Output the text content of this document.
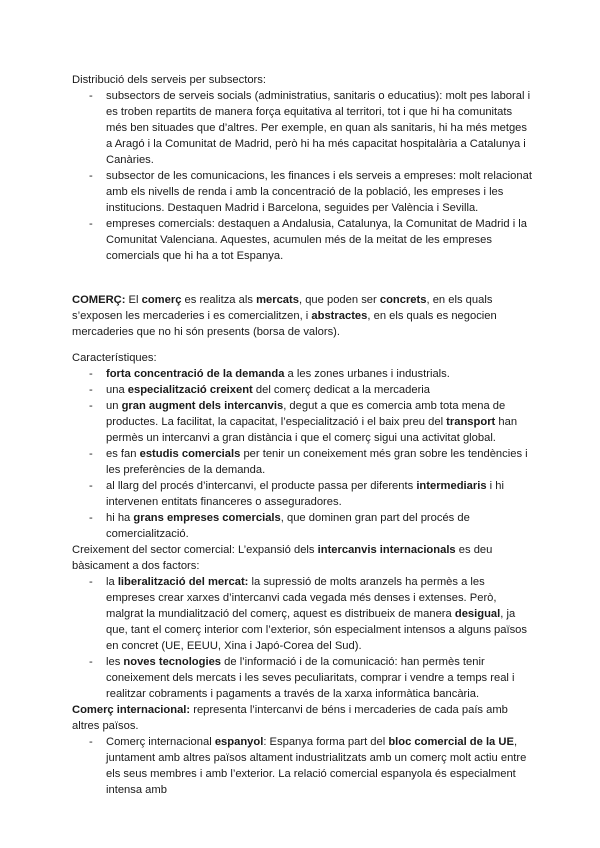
Distribució dels serveis per subsectors:

- subsectors de serveis socials (administratius, sanitaris o educatius): molt pes laboral i es troben repartits de manera força equitativa al territori, tot i que hi ha comunitats més ben situades que d’altres. Per exemple, en quan als sanitaris, hi ha més metges a Aragó i la Comunitat de Madrid, però hi ha més capacitat hospitalària a Catalunya i Canàries.
- subsector de les comunicacions, les finances i els serveis a empreses: molt relacionat amb els nivells de renda i amb la concentració de la població, les empreses i les institucions. Destaquen Madrid i Barcelona, seguides per València i Sevilla.
- empreses comercials: destaquen a Andalusia, Catalunya, la Comunitat de Madrid i la Comunitat Valenciana. Aquestes, acumulen més de la meitat de les empreses comercials que hi ha a tot Espanya.

COMERÇ: El comerç es realitza als mercats, que poden ser concrets, en els quals s’exposen les mercaderies i es comercialitzen, i abstractes, en els quals es negocien mercaderies que no hi són presents (borsa de valors).

Característiques:

- forta concentració de la demanda a les zones urbanes i industrials.
- una especialització creixent del comerç dedicat a la mercaderia
- un gran augment dels intercanvis, degut a que es comercia amb tota mena de productes. La facilitat, la capacitat, l’especialització i el baix preu del transport han permès un intercanvi a gran distància i que el comerç sigui una activitat global.
- es fan estudis comercials per tenir un coneixement més gran sobre les tendències i les preferències de la demanda.
- al llarg del procés d’intercanvi, el producte passa per diferents intermediaris i hi intervenen entitats financeres o asseguradores.
- hi ha grans empreses comercials, que dominen gran part del procés de comercialització.

Creixement del sector comercial: L’expansió dels intercanvis internacionals es deu bàsicament a dos factors:

- la liberalització del mercat: la supressió de molts aranzels ha permès a les empreses crear xarxes d’intercanvi cada vegada més denses i extenses. Però, malgrat la mundialització del comerç, aquest es distribueix de manera desigual, ja que, tant el comerç interior com l’exterior, són especialment intensos a alguns països en concret (UE, EEUU, Xina i Japó-Corea del Sud).
- les noves tecnologies de l’informació i de la comunicació: han permès tenir coneixement dels mercats i les seves peculiaritats, comprar i vendre a temps real i realitzar cobraments i pagaments a través de la xarxa informàtica bancària.

Comerç internacional: representa l’intercanvi de béns i mercaderies de cada país amb altres països.

- Comerç internacional espanyol: Espanya forma part del bloc comercial de la UE, juntament amb altres països altament industrialitzats amb un comerç molt actiu entre els seus membres i amb l’exterior. La relació comercial espanyola és especialment intensa amb
